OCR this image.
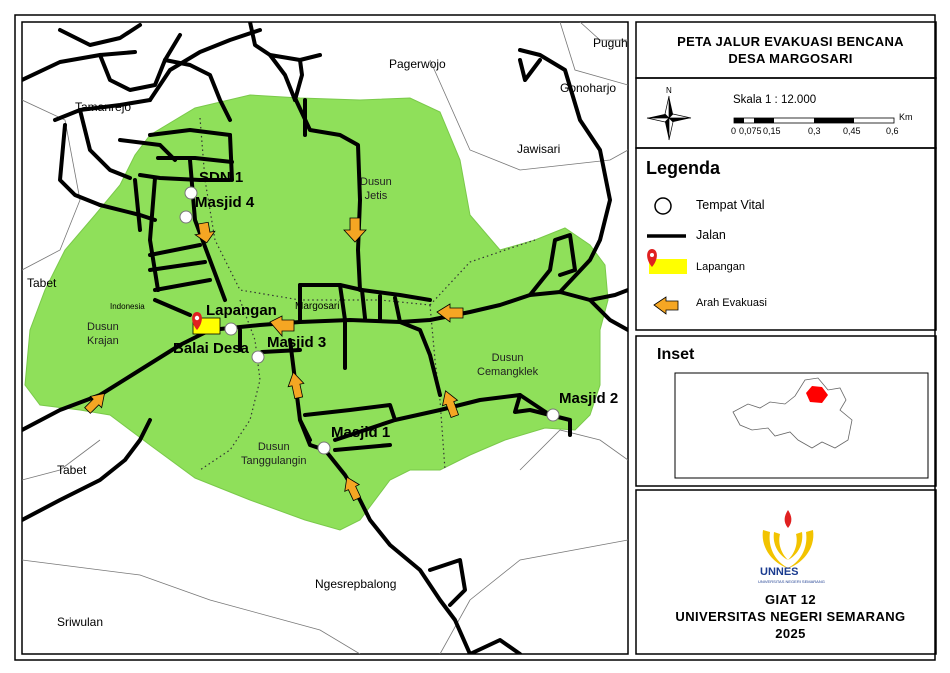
Tamanrejo
Pagerwojo
Puguh
Gonoharjo
Jawisari
Tabet
Tabet
Ngesrepbalong
Sriwulan
Margosari
Indonesia
Dusun
Jetis
Dusun
Krajan
Dusun
Cemangklek
Dusun
Tanggulangin
SDN 1
Masjid 4
Lapangan
Balai Desa Masjid 3
Masjid 1
Masjid 2
PETA JALUR EVAKUASI BENCANA
DESA MARGOSARI
N
Skala 1 : 12.000
Km
0 0,075 0,15	0,3 0,45	0,6
Legenda
Tempat Vital
Jalan
Lapangan
Arah Evakuasi
Inset
UNNES
UNIVERSITAS NEGERI SEMARANG
GIAT 12
UNIVERSITAS NEGERI SEMARANG
2025
